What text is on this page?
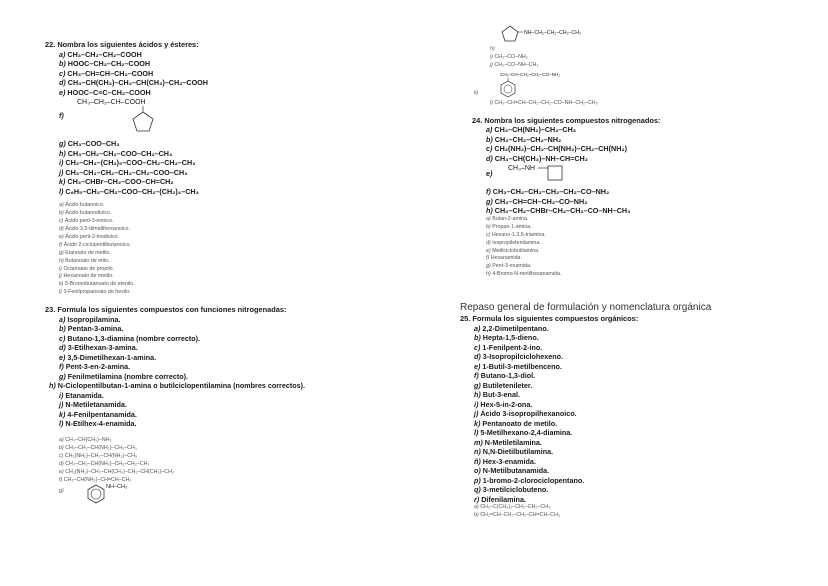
22. Nombra los siguientes ácidos y ésteres:
a) CH₃–CH₂–CH₂–COOH
b) HOOC–CH₂–CH₂–COOH
c) CH₃–CH=CH–CH₂–COOH
d) CH₃–CH(CH₃)–CH₂–CH(CH₃)–CH₂–COOH
e) HOOC–C≡C–CH₂–COOH
f)
CH₃–CH₂–CH–COOH
g) CH₃–COO–CH₃
h) CH₃–CH₂–CH₂–COO–CH₂–CH₃
i) CH₃–CH₂–(CH₂)₉–COO–CH₂–CH₂–CH₃
j) CH₃–CH₂–CH₂–CH₂–CH₂–COO–CH₃
k) CH₃–CHBr–CH₂–COO–CH=CH₂
l) C₆H₅–CH₂–CH₂–COO–CH₂–(CH₂)₄–CH₃
a) Ácido butanoico.
b) Ácido butanodioico.
c) Ácido pent-3-enoico.
d) Ácido 3,5-dimetilhexanoico.
e) Ácido pent-2-inodioico.
f) Ácido 2-ciclopentilbutanoico.
g) Etanoato de metilo.
h) Butanoato de etilo.
i) Octanoato de propilo.
j) Hexanoato de metilo.
k) 3-Bromobutanoato de etenilo.
l) 3-Fenilpropanoato de hexilo.
23. Formula los siguientes compuestos con funciones nitrogenadas:
a) Isopropilamina.
b) Pentan-3-amina.
c) Butano-1,3-diamina (nombre correcto).
d) 3-Etilhexan-3-amina.
e) 3,5-Dimetilhexan-1-amina.
f) Pent-3-en-2-amina.
g) Fenilmetilamina (nombre correcto).
h) N-Ciclopentilbutan-1-amina o butilciclopentilamina (nombres correctos).
i) Etanamida.
j) N-Metiletanamida.
k) 4-Fenilpentanamida.
l) N-Etilhex-4-enamida.
a) CH₃–CH(CH₃)–NH₂
b) CH₃–CH₂–CH(NH₂)–CH₂–CH₃
c) CH₂(NH₂)–CH₂–CH(NH₂)–CH₃
d) CH₃–CH₂–CH(NH₂)–CH₂–CH₂–CH₃
e) CH₂(NH₂)–CH₂–CH(CH₃)–CH₂–CH(CH₃)–CH₃
f) CH₃–CH(NH₂)–CH=CH–CH₃
g)
NH–CH₃
NH–CH₂–CH₂–CH₂–CH₃
h)
i) CH₃–CO–NH₂
j) CH₃–CO–NH–CH₃
CH₃–CH–CH₂–CH₂–CO–NH₂
k)
l) CH₃–CH=CH–CH₂–CH₂–CO–NH–CH₂–CH₃
24. Nombra los siguientes compuestos nitrogenados:
a) CH₃–CH(NH₂)–CH₂–CH₃
b) CH₃–CH₂–CH₂–NH₂
c) CH₂(NH₂)–CH₂–CH(NH₂)–CH₂–CH(NH₂)
d) CH₃–CH(CH₃)–NH–CH=CH₂
e)
CH₃–NH
f) CH₃–CH₂–CH₂–CH₂–CH₂–CO–NH₂
g) CH₃–CH=CH–CH₂–CO–NH₂
h) CH₃–CH₂–CHBr–CH₂–CH₂–CO–NH–CH₃
a) Butan-2-amina.
b) Propan-1-amina.
c) Hexano-1,3,5-triamina.
d) Isopropiletenilamina.
e) Metilciclobutilamina.
f) Hexanamida.
g) Pent-3-enamida.
h) 4-Bromo-N-metilhexanamida.
Repaso general de formulación y nomenclatura orgánica
25. Formula los siguientes compuestos orgánicos:
a) 2,2-Dimetilpentano.
b) Hepta-1,5-dieno.
c) 1-Fenilpent-2-ino.
d) 3-Isopropilciclohexeno.
e) 1-Butil-3-metilbenceno.
f) Butano-1,3-diol.
g) Butiletenileter.
h) But-3-enal.
i) Hex-5-in-2-ona.
j) Ácido 3-isopropilhexanoico.
k) Pentanoato de metilo.
l) 5-Metilhexano-2,4-diamina.
m) N-Metiletilamina.
n) N,N-Dietilbutilamina.
ñ) Hex-3-enamida.
o) N-Metilbutanamida.
p) 1-bromo-2-clorociclopentano.
q) 3-metilciclobuteno.
r) Difenilamina.
a) CH₃–C(CH₃)₂–CH₂–CH₂–CH₃
b) CH₂=CH–CH₂–CH₂–CH=CH–CH₃
